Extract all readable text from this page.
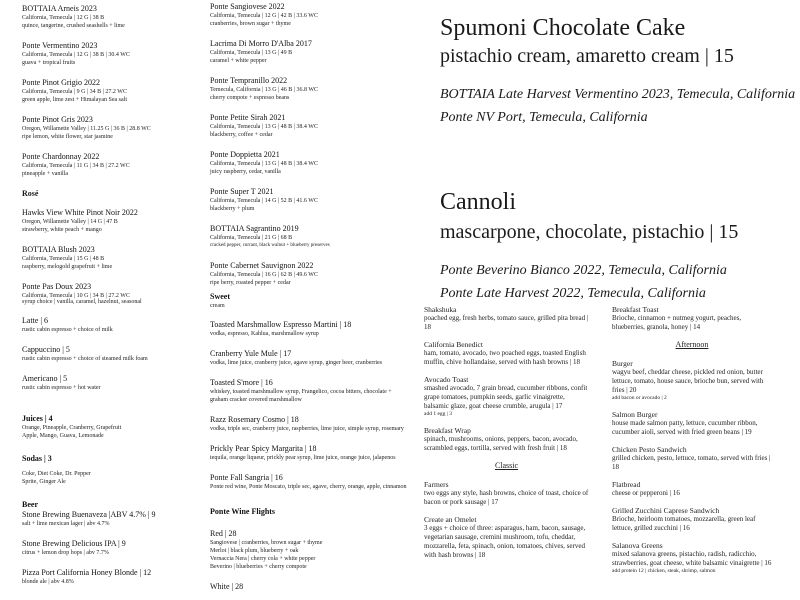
BOTTAIA Arneis 2023
California, Temecula | 12 G | 38 B
quince, tangerine, crushed seashells + lime
Ponte Vermentino 2023
California, Temecula | 12 G | 38 B | 30.4 WC
guava + tropical fruits
Ponte Pinot Grigio 2022
California, Temecula | 9 G | 34 B | 27.2 WC
green apple, lime zest + Himalayan Sea salt
Ponte Pinot Gris 2023
Oregon, Willamette Valley | 11.25 G | 36 B | 28.8 WC
ripe lemon, white flower, star jasmine
Ponte Chardonnay 2022
California, Temecula | 11 G | 34 B | 27.2 WC
pineapple + vanilla
Rosé
Hawks View White Pinot Noir 2022
Oregon, Willamette Valley | 14 G | 47 B
strawberry, white peach + mango
BOTTAIA Blush 2023
California, Temecula | 15 G | 48 B
raspberry, melogold grapefruit + lime
Ponte Pas Doux 2023
California, Temecula | 10 G | 34 B | 27.2 WC
syrup choice | vanilla, caramel, hazelnut, seasonal
Latte | 6
rustic cabin espresso + choice of milk
Cappuccino | 5
rustic cabin espresso + choice of steamed milk foam
Americano | 5
rustic cabin espresso + hot water
Juices | 4
Orange, Pineapple, Cranberry, Grapefruit
Apple, Mango, Guava, Lemonade
Sodas | 3
Coke, Diet Coke, Dr. Pepper
Sprite, Ginger Ale
Beer
Stone Brewing Buenaveza |ABV 4.7% | 9
salt + lime mexican lager | abv 4.7%
Stone Brewing Delicious IPA | 9
citrus + lemon drop hops | abv 7.7%
Pizza Port California Honey Blonde | 12
blonde ale | abv 4.8%
Ponte Sangiovese 2022
California, Temecula | 12 G | 42 B | 33.6 WC
cranberries, brown sugar + thyme
Lacrima Di Morro D'Alba 2017
California, Temecula | 13 G | 49 B
caramel + white pepper
Ponte Tempranillo 2022
Temecula, California | 13 G | 46 B | 36.8 WC
cherry compote + espresso beans
Ponte Petite Sirah 2021
California, Temecula | 13 G | 48 B | 38.4 WC
blackberry, coffee + cedar
Ponte Doppietta 2021
California, Temecula | 13 G | 48 B | 38.4 WC
juicy raspberry, cedar, vanilla
Ponte Super T 2021
California, Temecula | 14 G | 52 B | 41.6 WC
blackberry + plum
BOTTAIA Sagrantino 2019
California, Temecula | 21 G | 68 B
cracked pepper, currant, black walnut + blueberry preserves
Ponte Cabernet Sauvignon 2022
California, Temecula | 16 G | 62 B | 49.6 WC
ripe berry, roasted pepper + cedar
Sweet
cream
Toasted Marshmallow Espresso Martini | 18
vodka, espresso, Kahlua, marshmallow syrup
Cranberry Yule Mule | 17
vodka, lime juice, cranberry juice, agave syrup, ginger beer, cranberries
Toasted S'more | 16
whiskey, toasted marshmallow syrup, Frangelico, cocoa bitters, chocolate + graham cracker covered marshmallow
Razz Rosemary Cosmo | 18
vodka, triple sec, cranberry juice, raspberries, lime juice, simple syrup, rosemary
Prickly Pear Spicy Margarita | 18
tequila, orange liqueur, prickly pear syrup, lime juice, orange juice, jalapenos
Ponte Fall Sangria | 16
Ponte red wine, Ponte Moscato, triple sec, agave, cherry, orange, apple, cinnamon
Ponte Wine Flights
Red | 28
Sangiovese | cranberries, brown sugar + thyme
Merlot | black plum, blueberry + oak
Vernaccia Nera | cherry cola + white pepper
Beverino | blueberries + cherry compote
White | 28
Spumoni Chocolate Cake
pistachio cream, amaretto cream | 15
BOTTAIA Late Harvest Vermentino 2023, Temecula, California
Ponte NV Port, Temecula, California
Cannoli
mascarpone, chocolate, pistachio | 15
Ponte Beverino Bianco 2022, Temecula, California
Ponte Late Harvest 2022, Temecula, California
Shakshuka
poached egg, fresh herbs, tomato sauce, grilled pita bread | 18
California Benedict
ham, tomato, avocado, two poached eggs, toasted English muffin, chive hollandaise, served with hash browns | 18
Avocado Toast
smashed avocado, 7 grain bread, cucumber ribbons, confit grape tomatoes, pumpkin seeds, garlic vinaigrette, balsamic glaze, goat cheese crumble, arugula | 17
add 1 egg | 3
Breakfast Wrap
spinach, mushrooms, onions, peppers, bacon, avocado, scrambled eggs, tortilla, served with fresh fruit | 18
Classic
Farmers
two eggs any style, hash browns, choice of toast, choice of bacon or pork sausage | 17
Create an Omelet
3 eggs + choice of three: asparagus, ham, bacon, sausage, vegetarian sausage, cremini mushroom, tofu, cheddar, mozzarella, feta, spinach, onion, tomatoes, chives, served with hash browns | 18
Breakfast Toast
Brioche, cinnamon + nutmeg yogurt, peaches, blueberries, granola, honey | 14
Afternoon
Burger
wagyu beef, cheddar cheese, pickled red onion, butter lettuce, tomato, house sauce, brioche bun, served with fries | 20
add bacon or avocado | 2
Salmon Burger
house made salmon patty, lettuce, cucumber ribbon, cucumber aioli, served with fried green beans | 19
Chicken Pesto Sandwich
grilled chicken, pesto, lettuce, tomato, served with fries | 18
Flatbread
cheese or pepperoni | 16
Grilled Zucchini Caprese Sandwich
Brioche, heirloom tomatoes, mozzarella, green leaf lettuce, grilled zucchini | 16
Salanova Greens
mixed salanova greens, pistachio, radish, radicchio, strawberries, goat cheese, white balsamic vinaigrette | 16
add protein 12 | chicken, steak, shrimp, salmon
